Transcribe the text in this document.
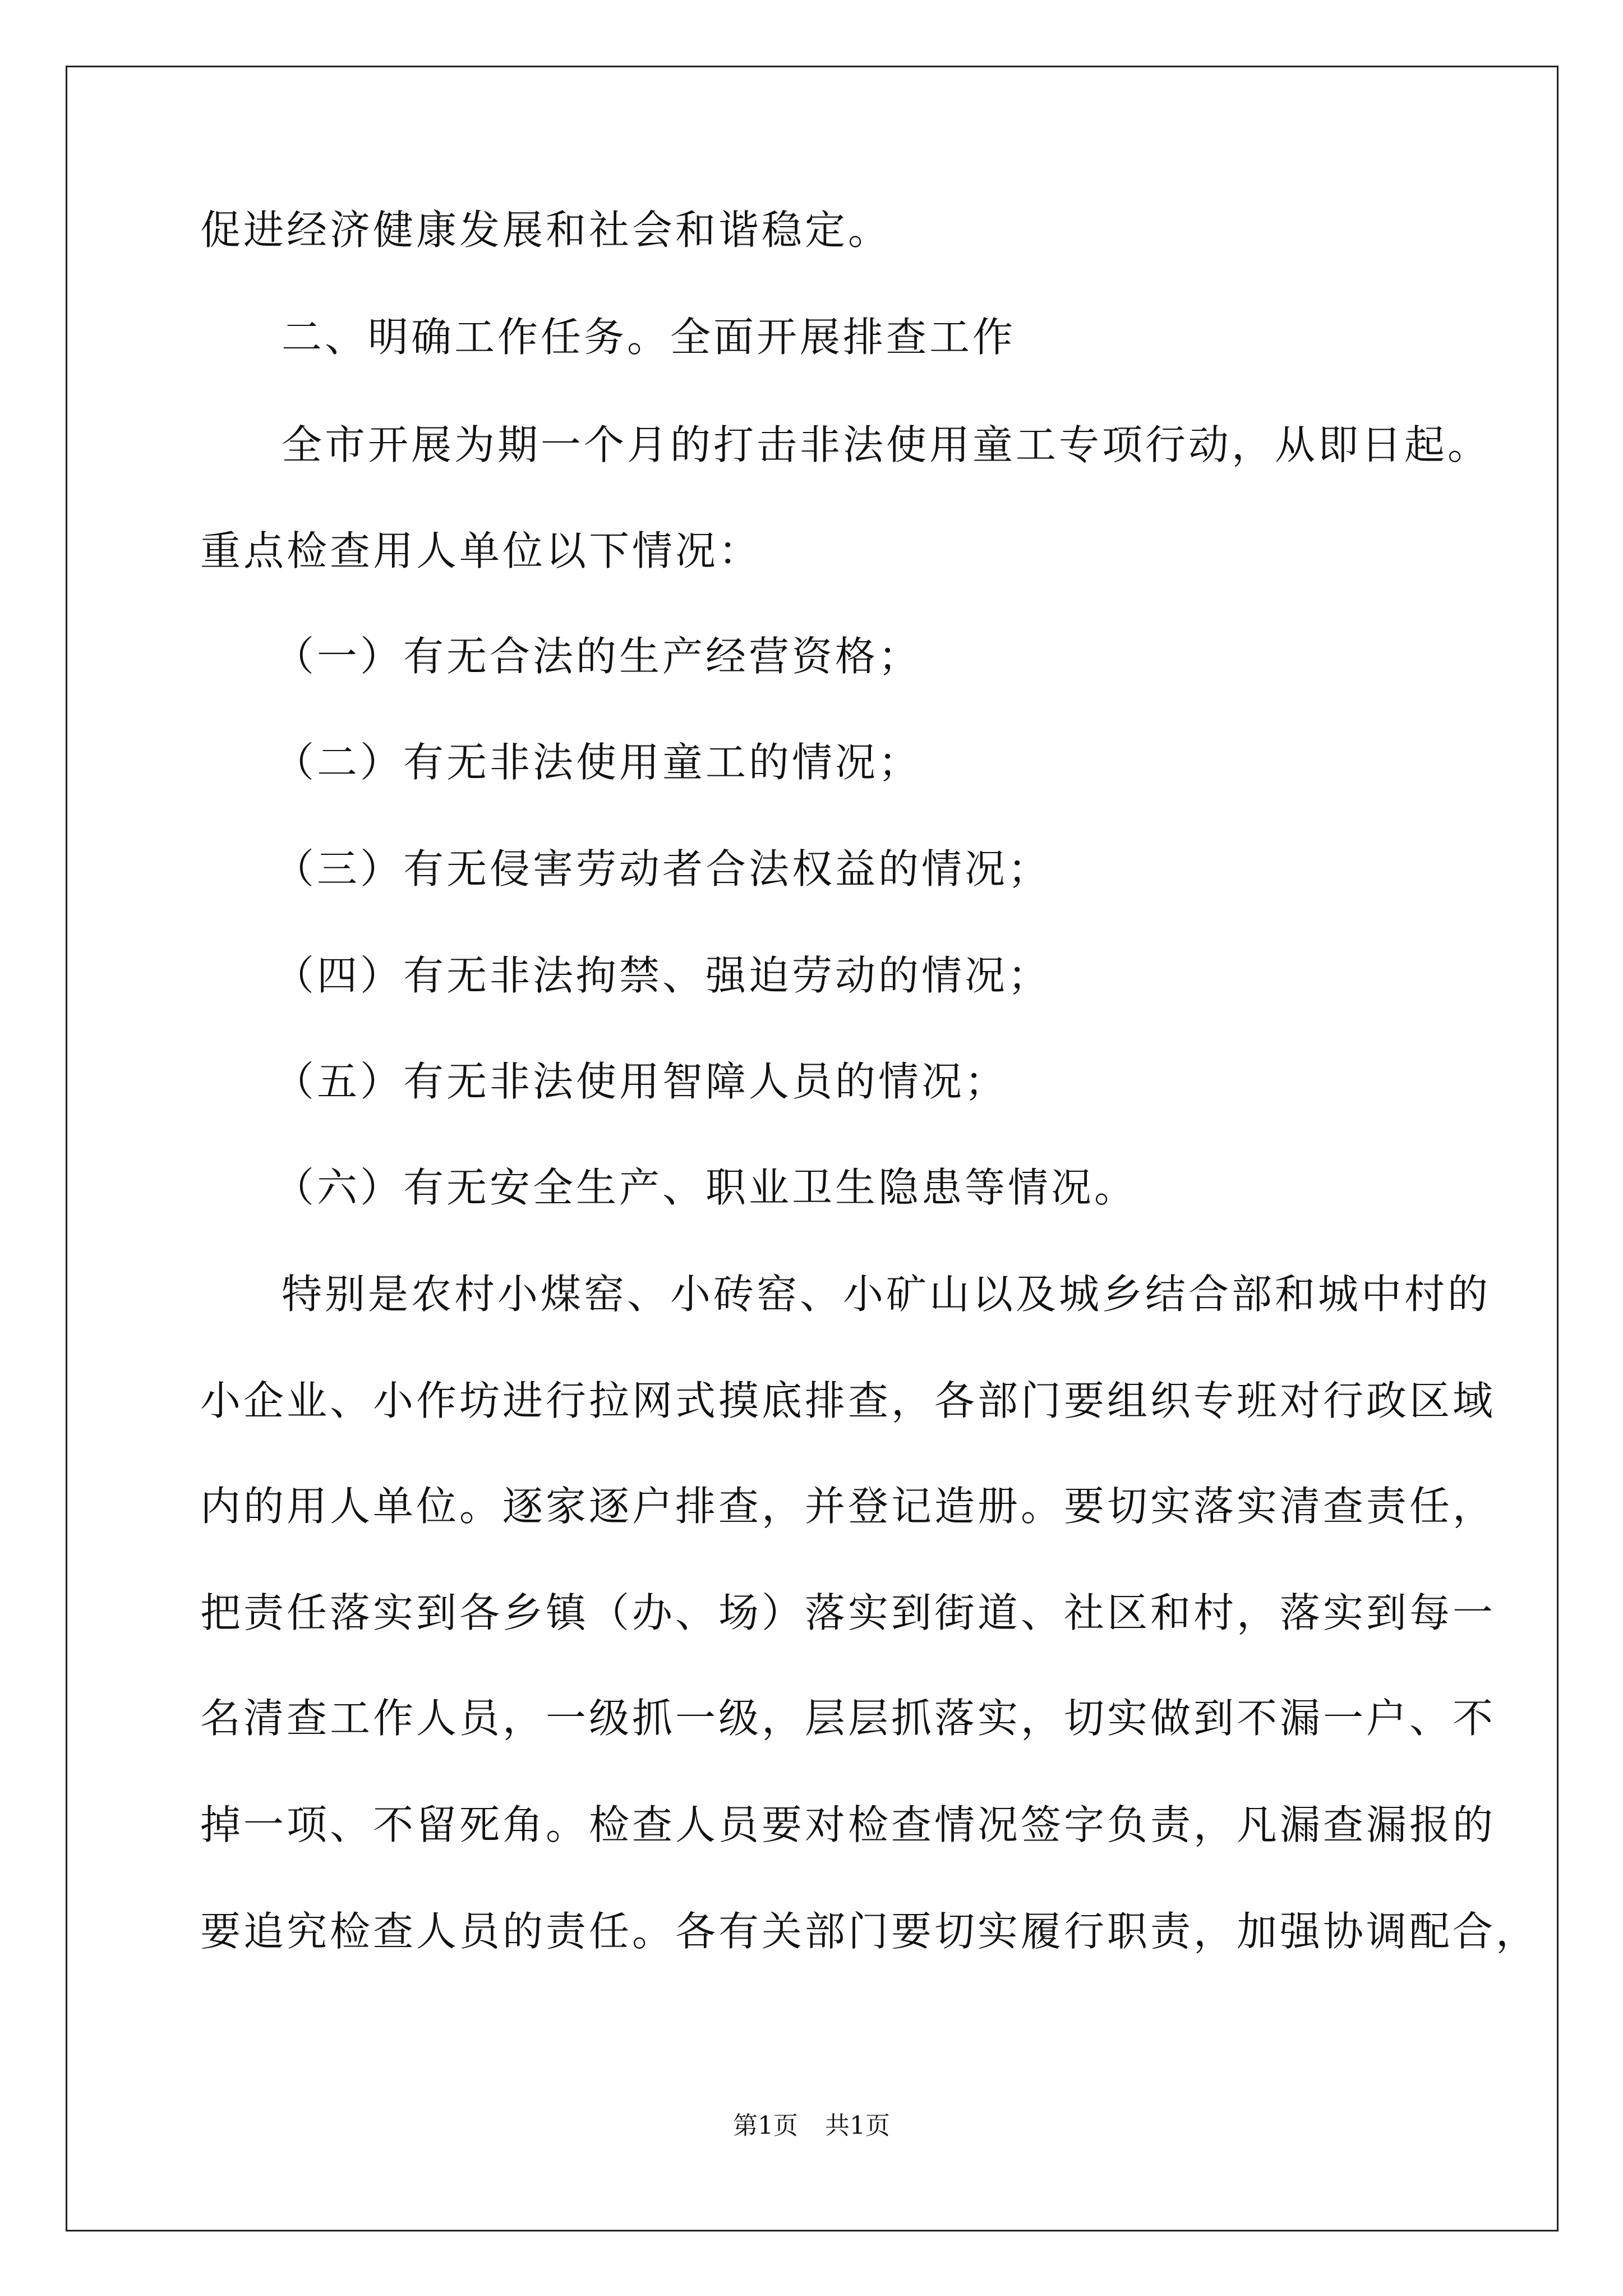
促进经济健康发展和社会和谐稳定。
二、明确工作任务。全面开展排查工作
全市开展为期一个月的打击非法使用童工专项行动，从即日起。
重点检查用人单位以下情况：
（一）有无合法的生产经营资格；
（二）有无非法使用童工的情况；
（三）有无侵害劳动者合法权益的情况；
（四）有无非法拘禁、强迫劳动的情况；
（五）有无非法使用智障人员的情况；
（六）有无安全生产、职业卫生隐患等情况。
特别是农村小煤窑、小砖窑、小矿山以及城乡结合部和城中村的
小企业、小作坊进行拉网式摸底排查，各部门要组织专班对行政区域
内的用人单位。逐家逐户排查，并登记造册。要切实落实清查责任，
把责任落实到各乡镇（办、场）落实到街道、社区和村，落实到每一
名清查工作人员，一级抓一级，层层抓落实，切实做到不漏一户、不
掉一项、不留死角。检查人员要对检查情况签字负责，凡漏查漏报的
要追究检查人员的责任。各有关部门要切实履行职责，加强协调配合，
第1页 共1页
